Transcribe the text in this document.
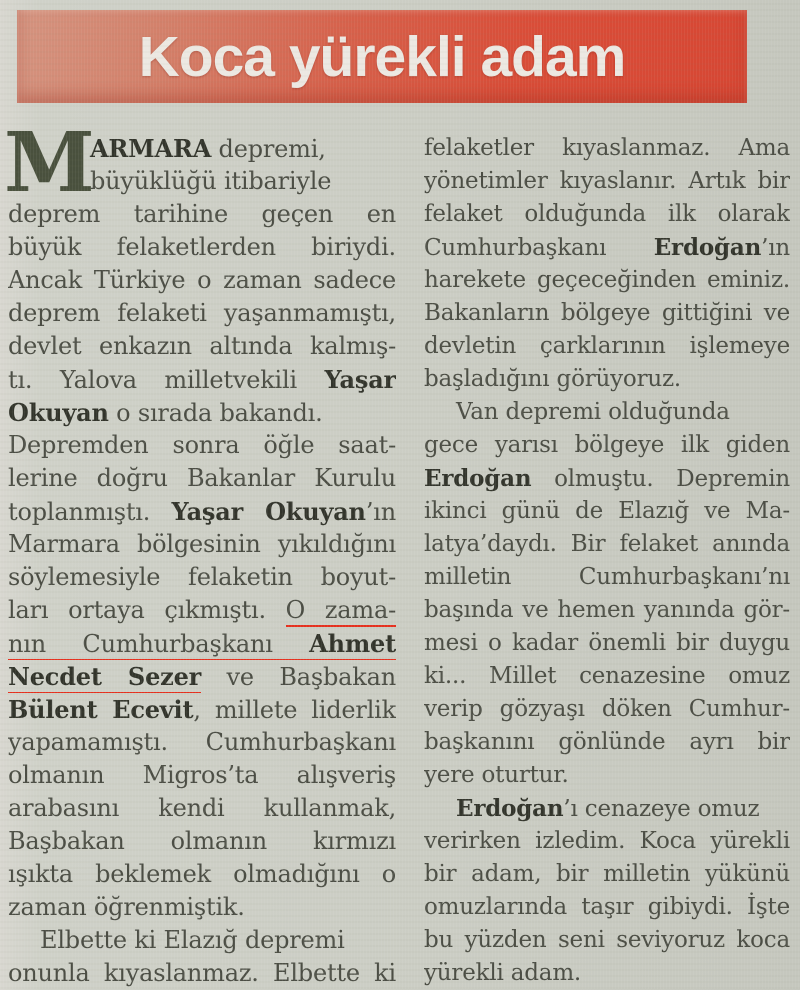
Koca yürekli adam
M
ARMARA depremi,
büyüklüğü itibariyle
deprem tarihine geçen en
büyük felaketlerden biriydi.
Ancak Türkiye o zaman sadece
deprem felaketi yaşanmamıştı,
devlet enkazın altında kalmış-
tı. Yalova milletvekili Yaşar
Okuyan o sırada bakandı.
Depremden sonra öğle saat-
lerine doğru Bakanlar Kurulu
toplanmıştı. Yaşar Okuyan’ın
Marmara bölgesinin yıkıldığını
söylemesiyle felaketin boyut-
ları ortaya çıkmıştı. O zama-
nın Cumhurbaşkanı Ahmet
Necdet Sezer ve Başbakan
Bülent Ecevit, millete liderlik
yapamamıştı. Cumhurbaşkanı
olmanın Migros’ta alışveriş
arabasını kendi kullanmak,
Başbakan olmanın kırmızı
ışıkta beklemek olmadığını o
zaman öğrenmiştik.
Elbette ki Elazığ depremi
onunla kıyaslanmaz. Elbette ki
felaketler kıyaslanmaz. Ama
yönetimler kıyaslanır. Artık bir
felaket olduğunda ilk olarak
Cumhurbaşkanı Erdoğan’ın
harekete geçeceğinden eminiz.
Bakanların bölgeye gittiğini ve
devletin çarklarının işlemeye
başladığını görüyoruz.
Van depremi olduğunda
gece yarısı bölgeye ilk giden
Erdoğan olmuştu. Depremin
ikinci günü de Elazığ ve Ma-
latya’daydı. Bir felaket anında
milletin Cumhurbaşkanı’nı
başında ve hemen yanında gör-
mesi o kadar önemli bir duygu
ki... Millet cenazesine omuz
verip gözyaşı döken Cumhur-
başkanını gönlünde ayrı bir
yere oturtur.
Erdoğan’ı cenazeye omuz
verirken izledim. Koca yürekli
bir adam, bir milletin yükünü
omuzlarında taşır gibiydi. İşte
bu yüzden seni seviyoruz koca
yürekli adam.
